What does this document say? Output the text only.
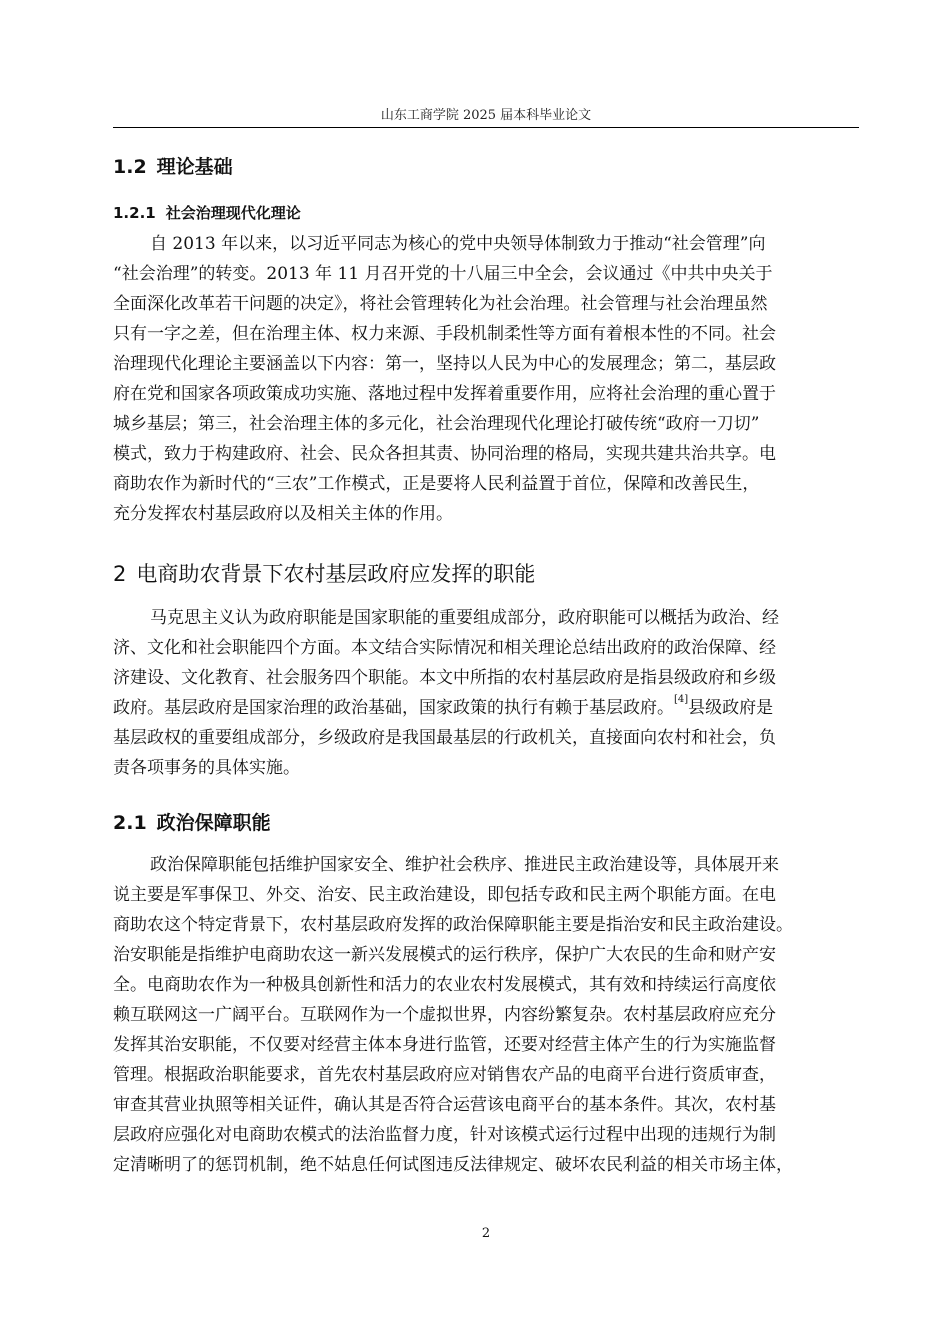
山东工商学院 2025 届本科毕业论文
1.2 理论基础
1.2.1 社会治理现代化理论
自 2013 年以来，以习近平同志为核心的党中央领导体制致力于推动“社会管理”向
“社会治理”的转变。2013 年 11 月召开党的十八届三中全会，会议通过《中共中央关于
全面深化改革若干问题的决定》，将社会管理转化为社会治理。社会管理与社会治理虽然
只有一字之差，但在治理主体、权力来源、手段机制柔性等方面有着根本性的不同。社会
治理现代化理论主要涵盖以下内容：第一，坚持以人民为中心的发展理念；第二，基层政
府在党和国家各项政策成功实施、落地过程中发挥着重要作用，应将社会治理的重心置于
城乡基层；第三，社会治理主体的多元化，社会治理现代化理论打破传统“政府一刀切”
模式，致力于构建政府、社会、民众各担其责、协同治理的格局，实现共建共治共享。电
商助农作为新时代的“三农”工作模式，正是要将人民利益置于首位，保障和改善民生，
充分发挥农村基层政府以及相关主体的作用。
2 电商助农背景下农村基层政府应发挥的职能
马克思主义认为政府职能是国家职能的重要组成部分，政府职能可以概括为政治、经
济、文化和社会职能四个方面。本文结合实际情况和相关理论总结出政府的政治保障、经
济建设、文化教育、社会服务四个职能。本文中所指的农村基层政府是指县级政府和乡级
政府。基层政府是国家治理的政治基础，国家政策的执行有赖于基层政府。[4]县级政府是
基层政权的重要组成部分，乡级政府是我国最基层的行政机关，直接面向农村和社会，负
责各项事务的具体实施。
2.1 政治保障职能
政治保障职能包括维护国家安全、维护社会秩序、推进民主政治建设等，具体展开来
说主要是军事保卫、外交、治安、民主政治建设，即包括专政和民主两个职能方面。在电
商助农这个特定背景下，农村基层政府发挥的政治保障职能主要是指治安和民主政治建设。
治安职能是指维护电商助农这一新兴发展模式的运行秩序，保护广大农民的生命和财产安
全。电商助农作为一种极具创新性和活力的农业农村发展模式，其有效和持续运行高度依
赖互联网这一广阔平台。互联网作为一个虚拟世界，内容纷繁复杂。农村基层政府应充分
发挥其治安职能，不仅要对经营主体本身进行监管，还要对经营主体产生的行为实施监督
管理。根据政治职能要求，首先农村基层政府应对销售农产品的电商平台进行资质审查，
审查其营业执照等相关证件，确认其是否符合运营该电商平台的基本条件。其次，农村基
层政府应强化对电商助农模式的法治监督力度，针对该模式运行过程中出现的违规行为制
定清晰明了的惩罚机制，绝不姑息任何试图违反法律规定、破坏农民利益的相关市场主体，
2
